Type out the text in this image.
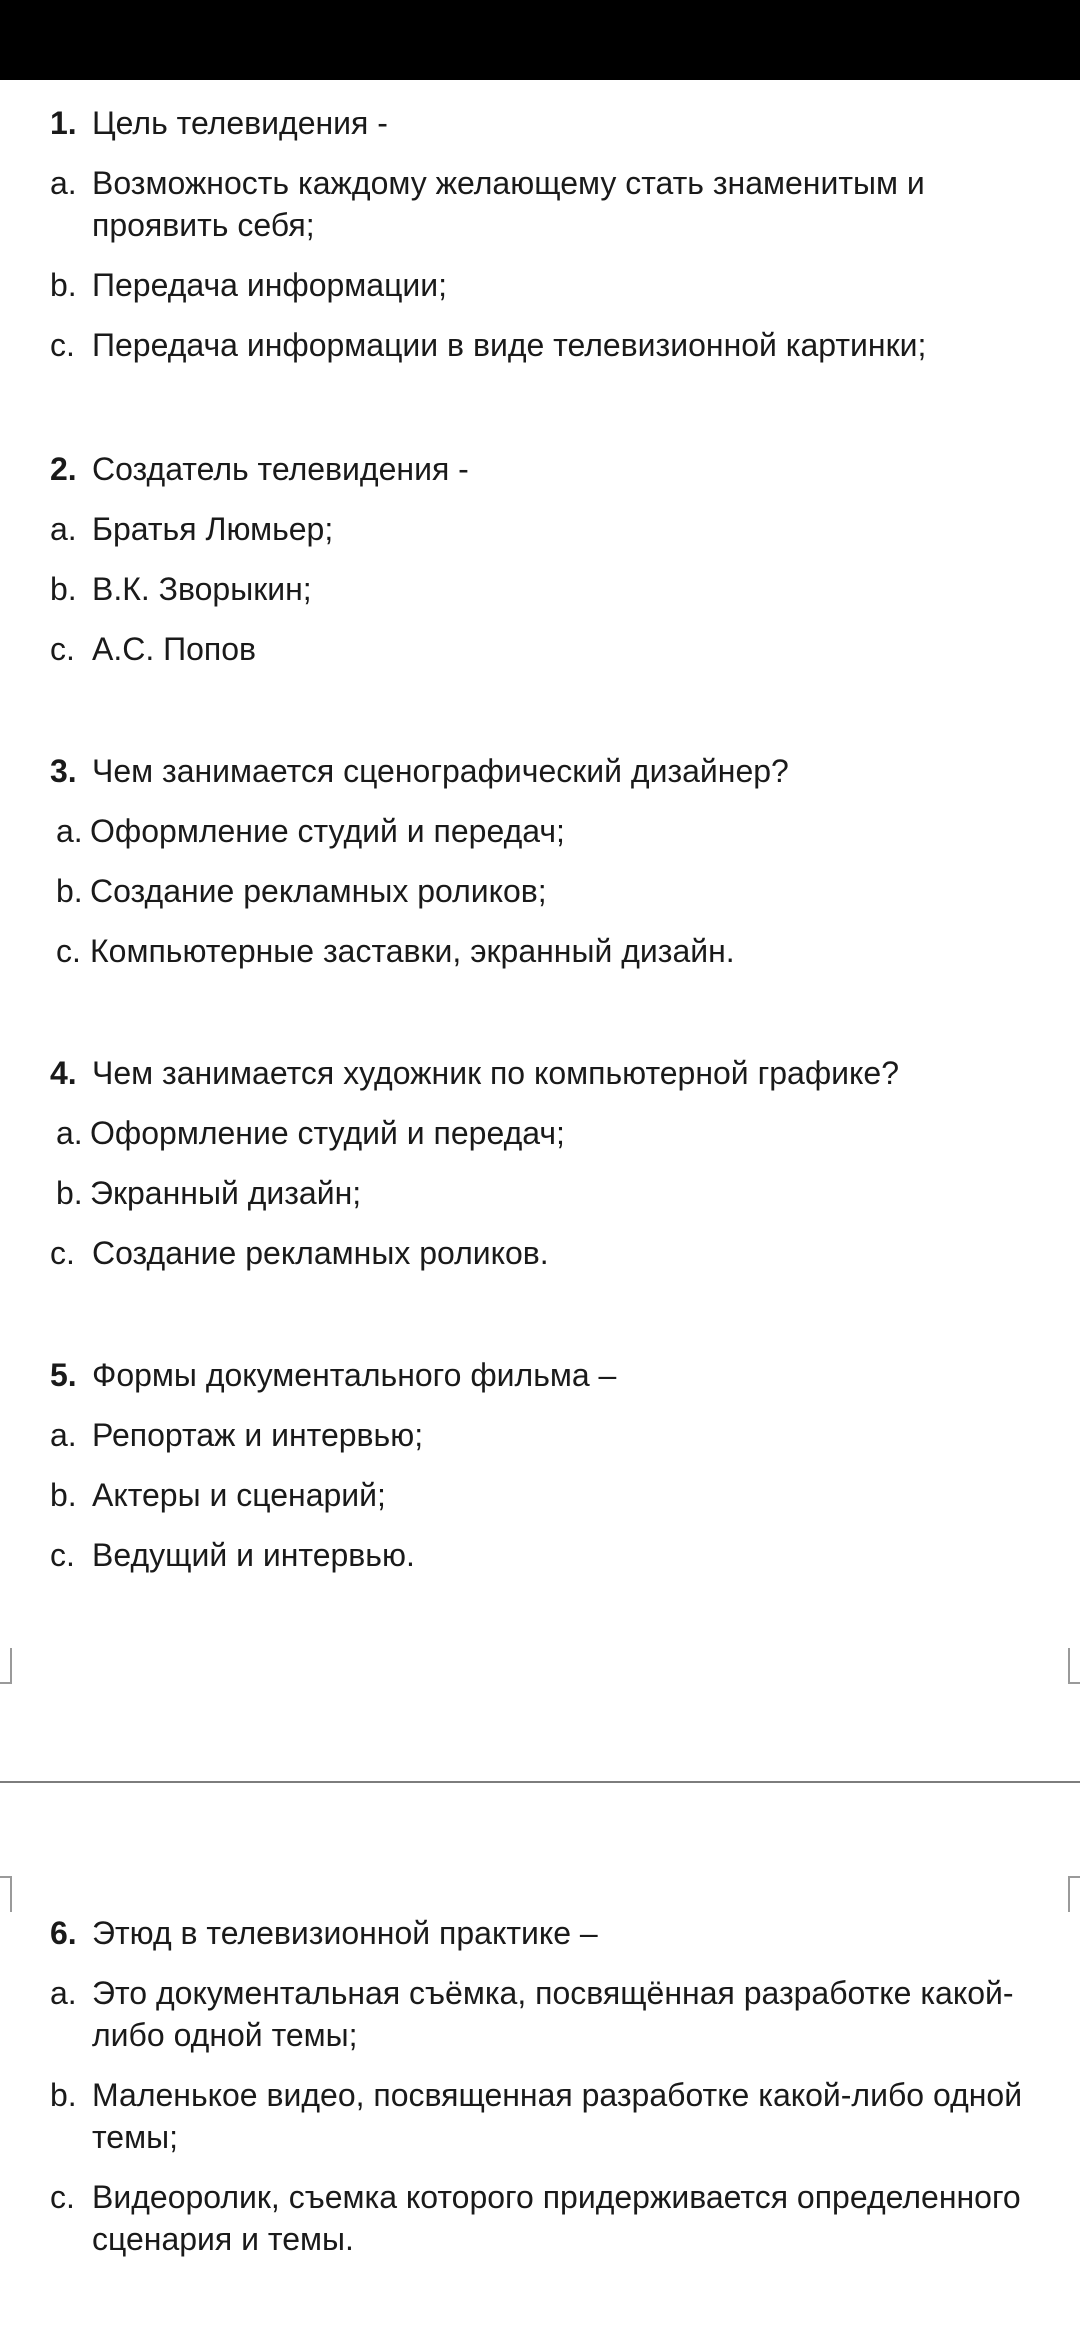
1. Цель телевидения -
a. Возможность каждому желающему стать знаменитым и проявить себя;
b. Передача информации;
c. Передача информации в виде телевизионной картинки;
2. Создатель телевидения -
a. Братья Люмьер;
b. В.К. Зворыкин;
c. А.С. Попов
3. Чем занимается сценографический дизайнер?
a. Оформление студий и передач;
b. Создание рекламных роликов;
c. Компьютерные заставки, экранный дизайн.
4. Чем занимается художник по компьютерной графике?
a. Оформление студий и передач;
b. Экранный дизайн;
c. Создание рекламных роликов.
5. Формы документального фильма –
a. Репортаж и интервью;
b. Актеры и сценарий;
c. Ведущий и интервью.
6. Этюд в телевизионной практике –
a. Это документальная съёмка, посвящённая разработке какой-либо одной темы;
b. Маленькое видео, посвященная разработке какой-либо одной темы;
c. Видеоролик, съемка которого придерживается определенного сценария и темы.
